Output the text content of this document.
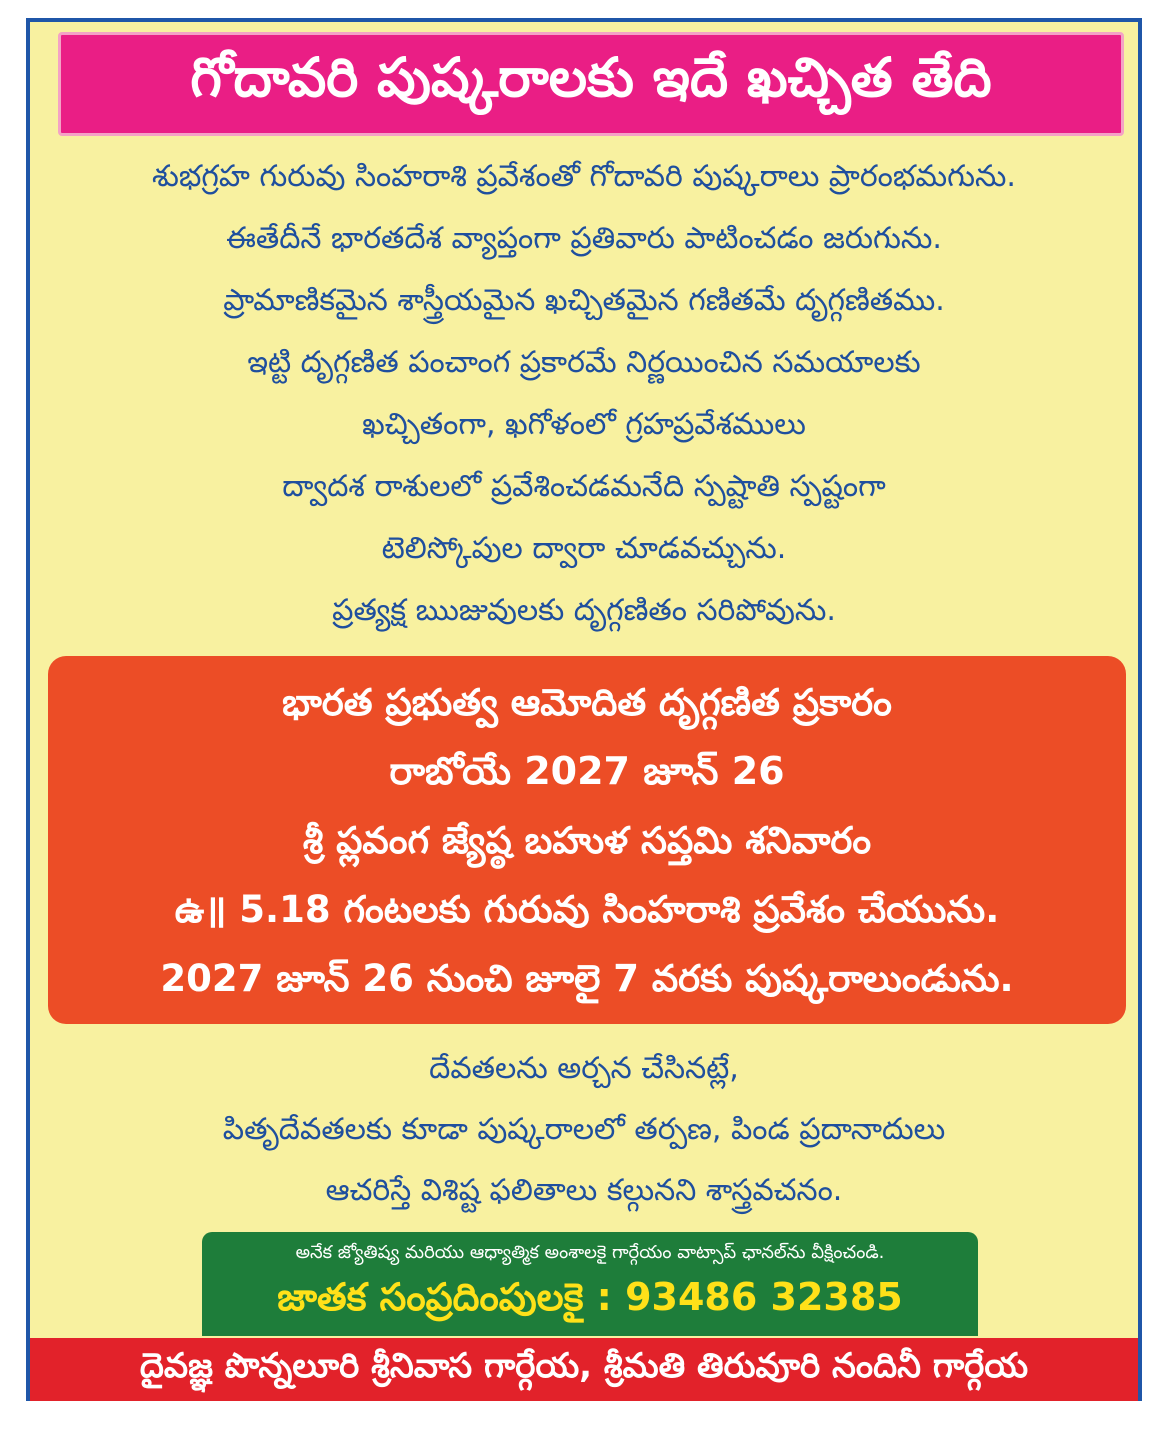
గోదావరి పుష్కరాలకు ఇదే ఖచ్చిత తేది
శుభగ్రహ గురువు సింహరాశి ప్రవేశంతో గోదావరి పుష్కరాలు ప్రారంభమగును.
ఈతేదీనే భారతదేశ వ్యాప్తంగా ప్రతివారు పాటించడం జరుగును.
ప్రామాణికమైన శాస్త్రీయమైన ఖచ్చితమైన గణితమే దృగ్గణితము.
ఇట్టి దృగ్గణిత పంచాంగ ప్రకారమే నిర్ణయించిన సమయాలకు
ఖచ్చితంగా, ఖగోళంలో గ్రహప్రవేశములు
ద్వాదశ రాశులలో ప్రవేశించడమనేది స్పష్టాతి స్పష్టంగా
టెలిస్కోపుల ద్వారా చూడవచ్చును.
ప్రత్యక్ష ఋజువులకు దృగ్గణితం సరిపోవును.
భారత ప్రభుత్వ ఆమోదిత దృగ్గణిత ప్రకారం
రాబోయే 2027 జూన్ 26
శ్రీ ప్లవంగ జ్యేష్ఠ బహుళ సప్తమి శనివారం
ఉ॥ 5.18 గంటలకు గురువు సింహరాశి ప్రవేశం చేయును.
2027 జూన్ 26 నుంచి జూలై 7 వరకు పుష్కరాలుండును.
దేవతలను అర్చన చేసినట్లే,
పితృదేవతలకు కూడా పుష్కరాలలో తర్పణ, పిండ ప్రదానాదులు
ఆచరిస్తే విశిష్ట ఫలితాలు కల్గునని శాస్త్రవచనం.
అనేక జ్యోతిష్య మరియు ఆధ్యాత్మిక అంశాలకై గార్గేయం వాట్సాప్ ఛానల్‌ను వీక్షించండి.
జాతక సంప్రదింపులకై : 93486 32385
దైవజ్ఞ పొన్నలూరి శ్రీనివాస గార్గేయ, శ్రీమతి తిరువూరి నందినీ గార్గేయ
